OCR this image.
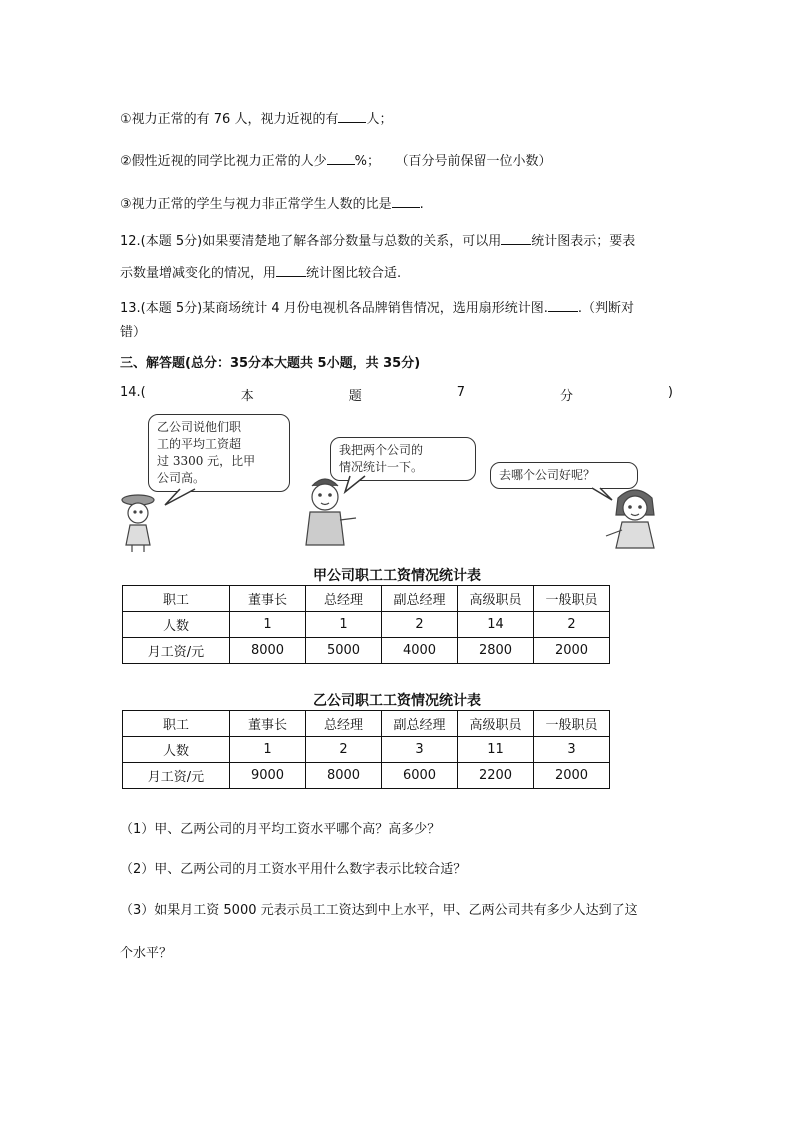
①视力正常的有 76 人，视力近视的有 人；
②假性近视的同学比视力正常的人少 %； （百分号前保留一位小数）
③视力正常的学生与视力非正常学生人数的比是 .
12.(本题 5分)如果要清楚地了解各部分数量与总数的关系，可以用 统计图表示；要表
示数量增减变化的情况，用 统计图比较合适.
13.(本题 5分)某商场统计 4 月份电视机各品牌销售情况，选用扇形统计图. .（判断对
错）
三、解答题(总分：35分本大题共 5小题，共 35分)
14.(	本	题	7	分	)
乙公司说他们职
工的平均工资超
过 3300 元，比甲
公司高。
我把两个公司的
情况统计一下。
去哪个公司好呢？
甲公司职工工资情况统计表
职工	董事长	总经理	副总经理	高级职员	一般职员
人数	1	1	2	14	2
月工资/元	8000	5000	4000	2800	2000
乙公司职工工资情况统计表
职工	董事长	总经理	副总经理	高级职员	一般职员
人数	1	2	3	11	3
月工资/元	9000	8000	6000	2200	2000
（1）甲、乙两公司的月平均工资水平哪个高？高多少？
（2）甲、乙两公司的月工资水平用什么数字表示比较合适？
（3）如果月工资 5000 元表示员工工资达到中上水平，甲、乙两公司共有多少人达到了这
个水平？
